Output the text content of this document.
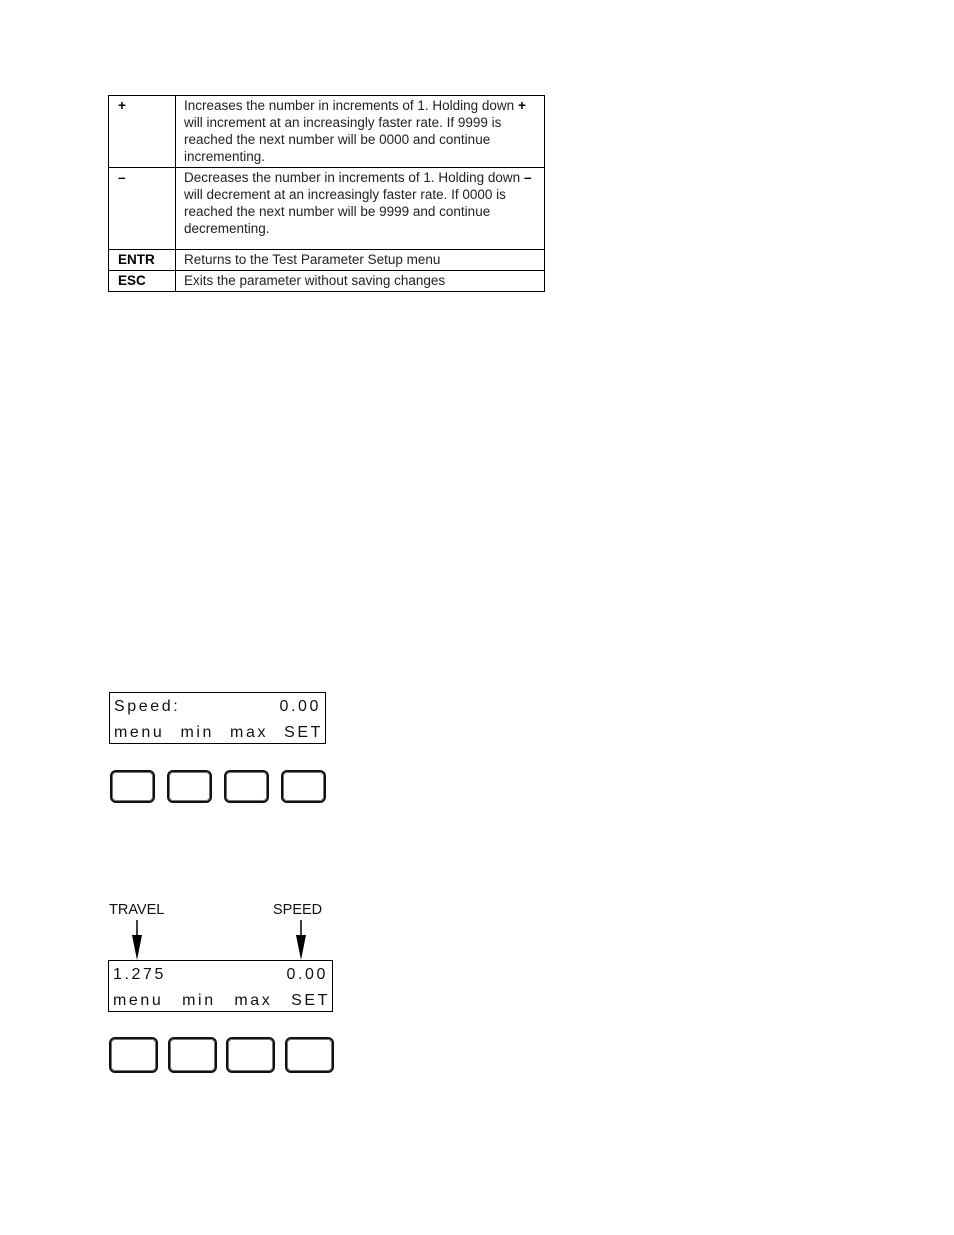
+	Increases the number in increments of 1. Holding down + will increment at an increasingly faster rate. If 9999 is reached the next number will be 0000 and continue incrementing.
–	Decreases the number in increments of 1. Holding down – will decrement at an increasingly faster rate. If 0000 is reached the next number will be 9999 and continue decrementing.
ENTR	Returns to the Test Parameter Setup menu
ESC	Exits the parameter without saving changes
Speed:	0.00
menu min max SET
TRAVEL	SPEED
1.275	0.00
menu min max SET
